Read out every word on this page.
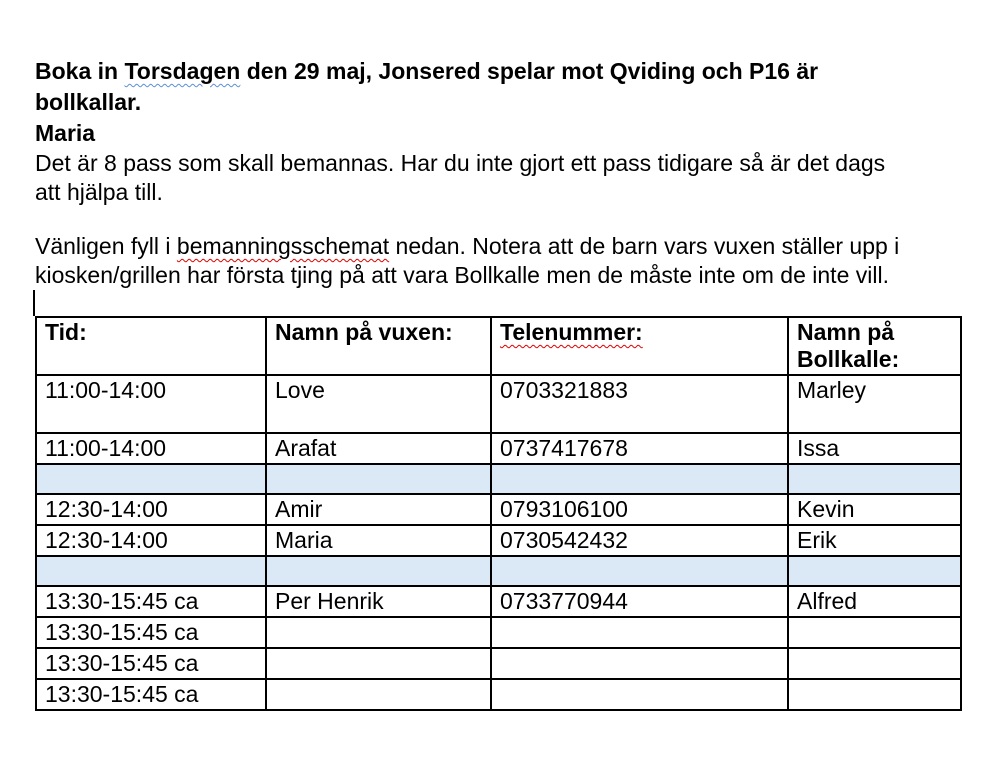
Boka in Torsdagen den 29 maj, Jonsered spelar mot Qviding och P16 är
bollkallar.
Maria
Det är 8 pass som skall bemannas. Har du inte gjort ett pass tidigare så är det dags
att hjälpa till.
Vänligen fyll i bemanningsschemat nedan. Notera att de barn vars vuxen ställer upp i
kiosken/grillen har första tjing på att vara Bollkalle men de måste inte om de inte vill.
Tid:	Namn på vuxen:	Telenummer:	Namn på Bollkalle:
11:00-14:00	Love	0703321883	Marley
11:00-14:00	Arafat	0737417678	Issa

12:30-14:00	Amir	0793106100	Kevin
12:30-14:00	Maria	0730542432	Erik

13:30-15:45 ca	Per Henrik	0733770944	Alfred
13:30-15:45 ca			
13:30-15:45 ca			
13:30-15:45 ca			
